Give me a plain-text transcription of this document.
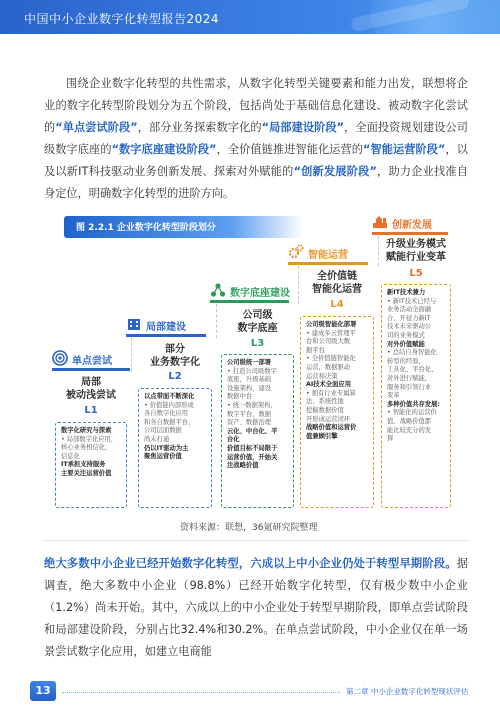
中国中小企业数字化转型报告2024
围绕企业数字化转型的共性需求，从数字化转型关键要素和能力出发，联想将企业的数字化转型阶段划分为五个阶段，包括尚处于基础信息化建设、被动数字化尝试的“单点尝试阶段”，部分业务探索数字化的“局部建设阶段”，全面投资规划建设公司级数字底座的“数字底座建设阶段”，全价值链推进智能化运营的“智能运营阶段”，以及以新IT科技驱动业务创新发展、探索对外赋能的“创新发展阶段”，助力企业找准自身定位，明确数字化转型的进阶方向。
图 2.2.1 企业数字化转型阶段划分
单点尝试
局部
被动浅尝试
L1
数字化研究与探索
• 局部数字化应用，
核心业务相信化、
信息化
IT承担支持服务
主要关注运营价值
局部建设
部分
业务数字化
L2
以点带面不断深化
• 价值链内部形成
各自数字化应用
和各自数据平台，
公司层面数据
尚未打通
仍以IT驱动为主
聚焦运营价值
数字底座建设
公司级
数字底座
L3
公司级统一部署
• 打造公司级数字
底座，升级基础
设施架构，建设
数据中台
• 统一数据架构，
数字平台、数据
资产、数据治理
云化、中台化、平
台化
价值目标不局限于
运营价值，开始关
注战略价值
智能运营
全价值链
智能化运营
L4
公司级智能化部署
• 建成多云管理平
台和公司级大数
据平台
• 全价值链智能化
运营，数据驱动
运营和决策
AI技术全面应用
• 拥有行业专属算
法、系统性地
挖掘数据价值
开形成运营闭环
战略价值和运营价
值兼顾引擎
创新发展
升级业务模式
赋能行业变革
L5
新IT技术兼力
• 新IT技术已经与
业务活动全面融
合，开侵力新IT
技术未来驱动公
司的业务模式
对外价值赋能
• 总结自身智能化
转型的经验，
工具化、平台化、
对外进行赋能，
服务和引领行业
变革
多种价值共存发展:
• 智能化的运营价
值、战略价值都
能比较充分的发
挥
资料来源：联想，36氪研究院整理
绝大多数中小企业已经开始数字化转型，六成以上中小企业仍处于转型早期阶段。据调查，绝大多数中小企业（98.8%）已经开始数字化转型，仅有极少数中小企业（1.2%）尚未开始。其中，六成以上的中小企业处于转型早期阶段，即单点尝试阶段和局部建设阶段，分别占比32.4%和30.2%。在单点尝试阶段，中小企业仅在单一场景尝试数字化应用，如建立电商能
13	第二章 中小企业数字化转型现状评估
